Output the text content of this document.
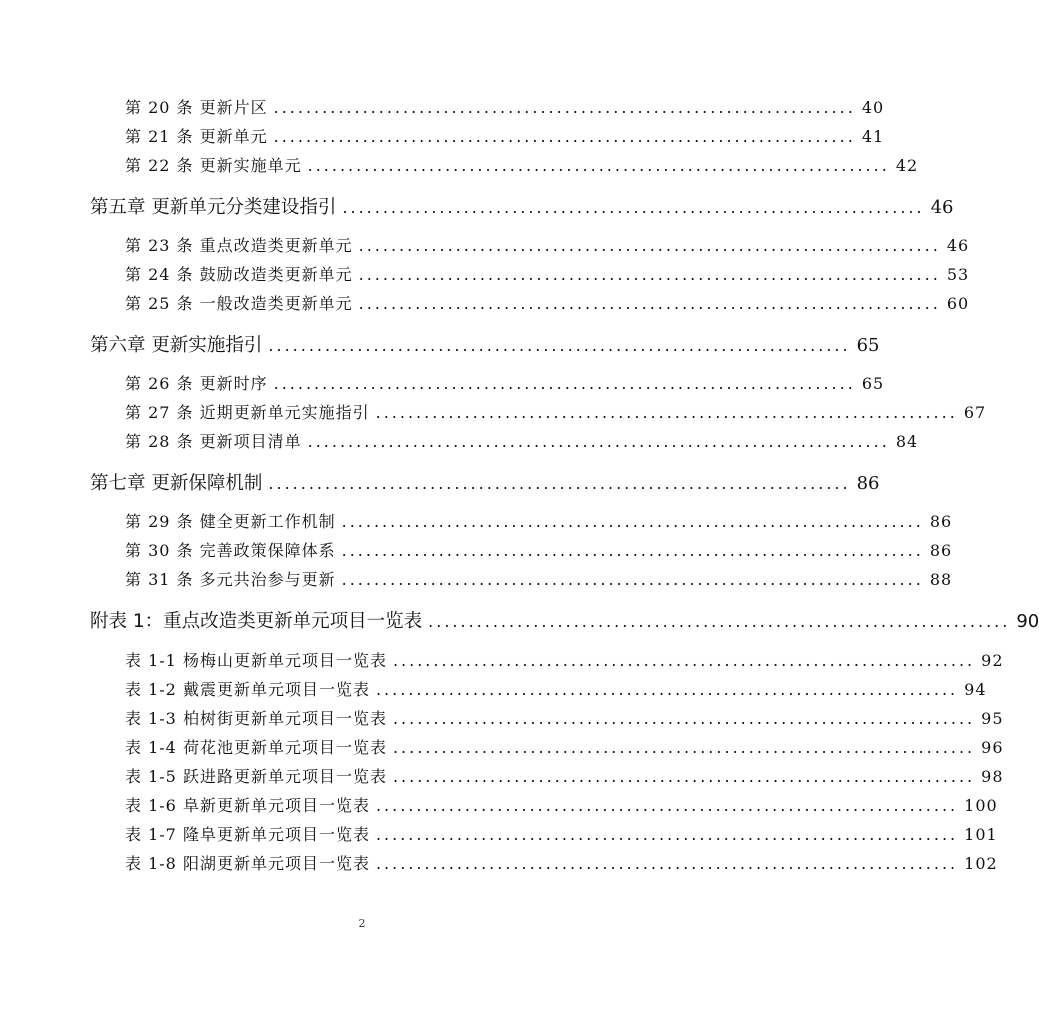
第 20 条 更新片区 ........................................................................ 40
第 21 条 更新单元 ........................................................................ 41
第 22 条 更新实施单元 ........................................................................ 42
第五章 更新单元分类建设指引 ........................................................................ 46
第 23 条 重点改造类更新单元 ........................................................................ 46
第 24 条 鼓励改造类更新单元 ........................................................................ 53
第 25 条 一般改造类更新单元 ........................................................................ 60
第六章 更新实施指引 ........................................................................ 65
第 26 条 更新时序 ........................................................................ 65
第 27 条 近期更新单元实施指引 ........................................................................ 67
第 28 条 更新项目清单 ........................................................................ 84
第七章 更新保障机制 ........................................................................ 86
第 29 条 健全更新工作机制 ........................................................................ 86
第 30 条 完善政策保障体系 ........................................................................ 86
第 31 条 多元共治参与更新 ........................................................................ 88
附表 1：重点改造类更新单元项目一览表 ........................................................................ 90
表 1-1 杨梅山更新单元项目一览表 ........................................................................ 92
表 1-2 戴震更新单元项目一览表 ........................................................................ 94
表 1-3 柏树街更新单元项目一览表 ........................................................................ 95
表 1-4 荷花池更新单元项目一览表 ........................................................................ 96
表 1-5 跃进路更新单元项目一览表 ........................................................................ 98
表 1-6 阜新更新单元项目一览表 ........................................................................ 100
表 1-7 隆阜更新单元项目一览表 ........................................................................ 101
表 1-8 阳湖更新单元项目一览表 ........................................................................ 102
2
